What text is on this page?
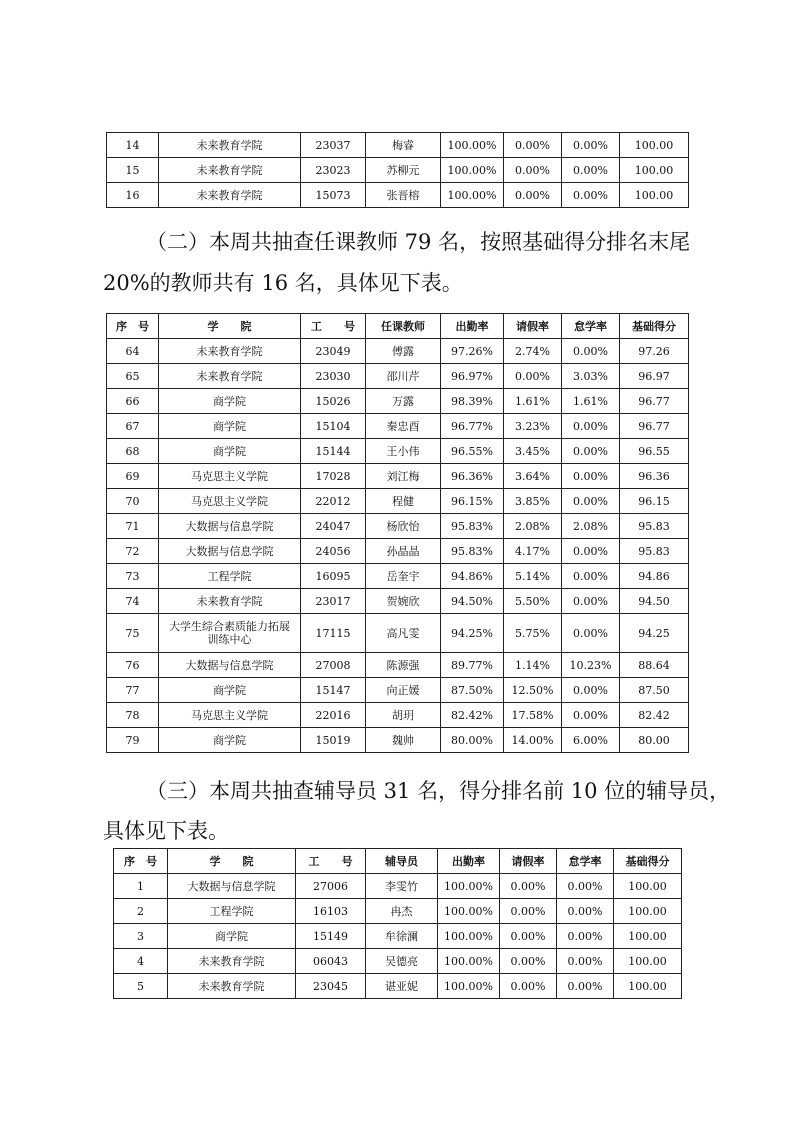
14	未来教育学院	23037	梅睿	100.00%	0.00%	0.00%	100.00
15	未来教育学院	23023	苏柳元	100.00%	0.00%	0.00%	100.00
16	未来教育学院	15073	张晋榕	100.00%	0.00%	0.00%	100.00

（二）本周共抽查任课教师 79 名，按照基础得分排名末尾

20%的教师共有 16 名，具体见下表。

序　号	学　　院	工　　号	任课教师	出勤率	请假率	怠学率	基础得分
64	未来教育学院	23049	傅露	97.26%	2.74%	0.00%	97.26
65	未来教育学院	23030	邵川芹	96.97%	0.00%	3.03%	96.97
66	商学院	15026	万露	98.39%	1.61%	1.61%	96.77
67	商学院	15104	秦忠酉	96.77%	3.23%	0.00%	96.77
68	商学院	15144	王小伟	96.55%	3.45%	0.00%	96.55
69	马克思主义学院	17028	刘江梅	96.36%	3.64%	0.00%	96.36
70	马克思主义学院	22012	程健	96.15%	3.85%	0.00%	96.15
71	大数据与信息学院	24047	杨欣怡	95.83%	2.08%	2.08%	95.83
72	大数据与信息学院	24056	孙晶晶	95.83%	4.17%	0.00%	95.83
73	工程学院	16095	岳奎宇	94.86%	5.14%	0.00%	94.86
74	未来教育学院	23017	贺婉欣	94.50%	5.50%	0.00%	94.50
75	大学生综合素质能力拓展训练中心	17115	高凡雯	94.25%	5.75%	0.00%	94.25
76	大数据与信息学院	27008	陈源强	89.77%	1.14%	10.23%	88.64
77	商学院	15147	向正媛	87.50%	12.50%	0.00%	87.50
78	马克思主义学院	22016	胡玥	82.42%	17.58%	0.00%	82.42
79	商学院	15019	魏帅	80.00%	14.00%	6.00%	80.00

（三）本周共抽查辅导员 31 名，得分排名前 10 位的辅导员，

具体见下表。

序　号	学　　院	工　　号	辅导员	出勤率	请假率	怠学率	基础得分
1	大数据与信息学院	27006	李雯竹	100.00%	0.00%	0.00%	100.00
2	工程学院	16103	冉杰	100.00%	0.00%	0.00%	100.00
3	商学院	15149	牟徐澜	100.00%	0.00%	0.00%	100.00
4	未来教育学院	06043	吴德亮	100.00%	0.00%	0.00%	100.00
5	未来教育学院	23045	谌亚妮	100.00%	0.00%	0.00%	100.00
